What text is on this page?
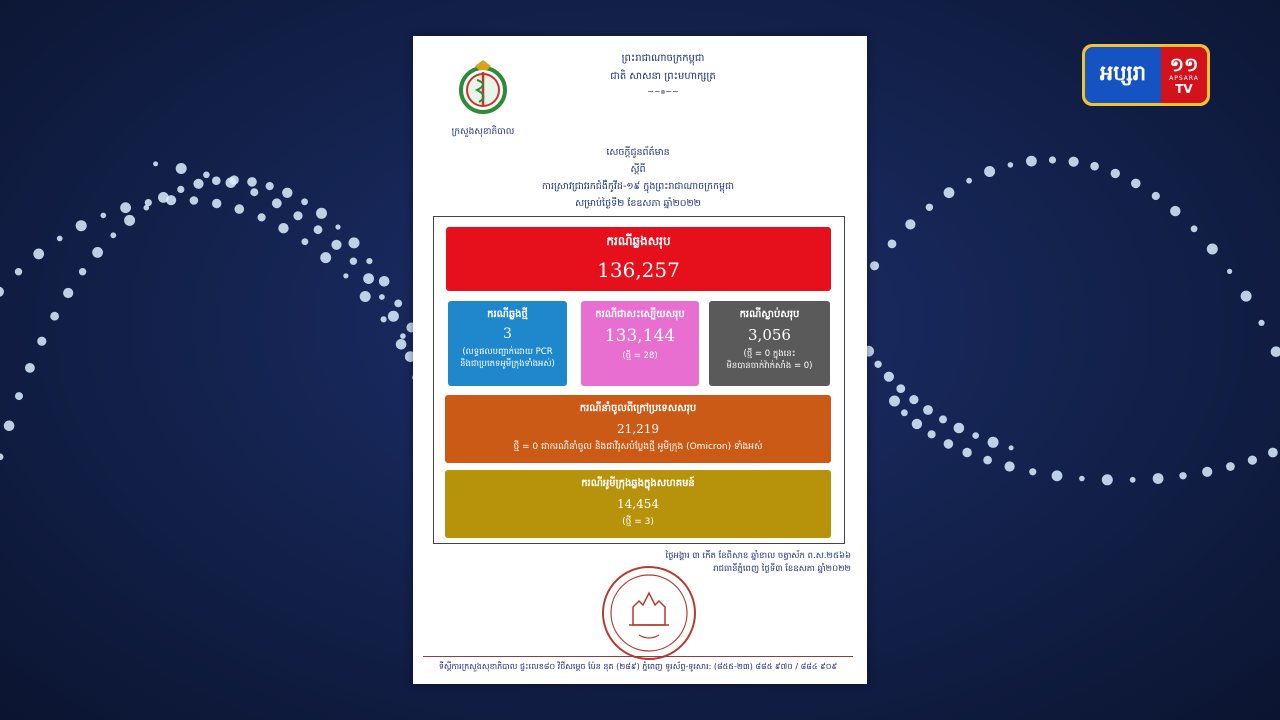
អប្សរា	១១
APSARA
TV
ក្រសួងសុខាភិបាល
ព្រះរាជាណាចក្រកម្ពុជា
ជាតិ សាសនា ព្រះមហាក្សត្រ
~~๏~~
សេចក្ដីជូនព័ត៌មាន
ស្ដីពី
ការស្រាវជ្រាវរកជំងឺកូវីដ-១៩ ក្នុងព្រះរាជាណាចក្រកម្ពុជា
សម្រាប់ថ្ងៃទី២ ខែឧសភា ឆ្នាំ២០២២
ករណីឆ្លងសរុប
136,257
ករណីឆ្លងថ្មី
3
(លទ្ធផលបញ្ជាក់ដោយ PCR
និងជាប្រភេទអូមីក្រុងទាំងអស់)
ករណីជាសះស្បើយសរុប
133,144
(ថ្មី = 28)
ករណីស្លាប់សរុប
3,056
(ថ្មី = 0 ក្នុងនេះ
មិនបានចាក់វ៉ាក់សាំង = 0)
ករណីនាំចូលពីក្រៅប្រទេសសរុប
21,219
ថ្មី = 0 ជាករណីនាំចូល និងជាវីរុសបំប្លែងថ្មី អូមីក្រុង (Omicron) ទាំងអស់
ករណីអូមីក្រុងឆ្លងក្នុងសហគមន៍
14,454
(ថ្មី = 3)
ថ្ងៃអង្គារ ៣ កើត ខែពិសាខ ឆ្នាំខាល ចត្វាស័ក ព.ស.២៥៦៦
រាជធានីភ្នំពេញ ថ្ងៃទី៣ ខែឧសភា ឆ្នាំ២០២២
ទីស្ដីការក្រសួងសុខាភិបាល ផ្ទះលេខ៨០ វិថីសម្ដេច ប៉ែន នុត (២៨៩) ភ្នំពេញ ទូរស័ព្ទ-ទូរសារ: (៨៥៥-២៣) ៨៨៥ ៩៧០ / ៨៨៤ ៩០៩
